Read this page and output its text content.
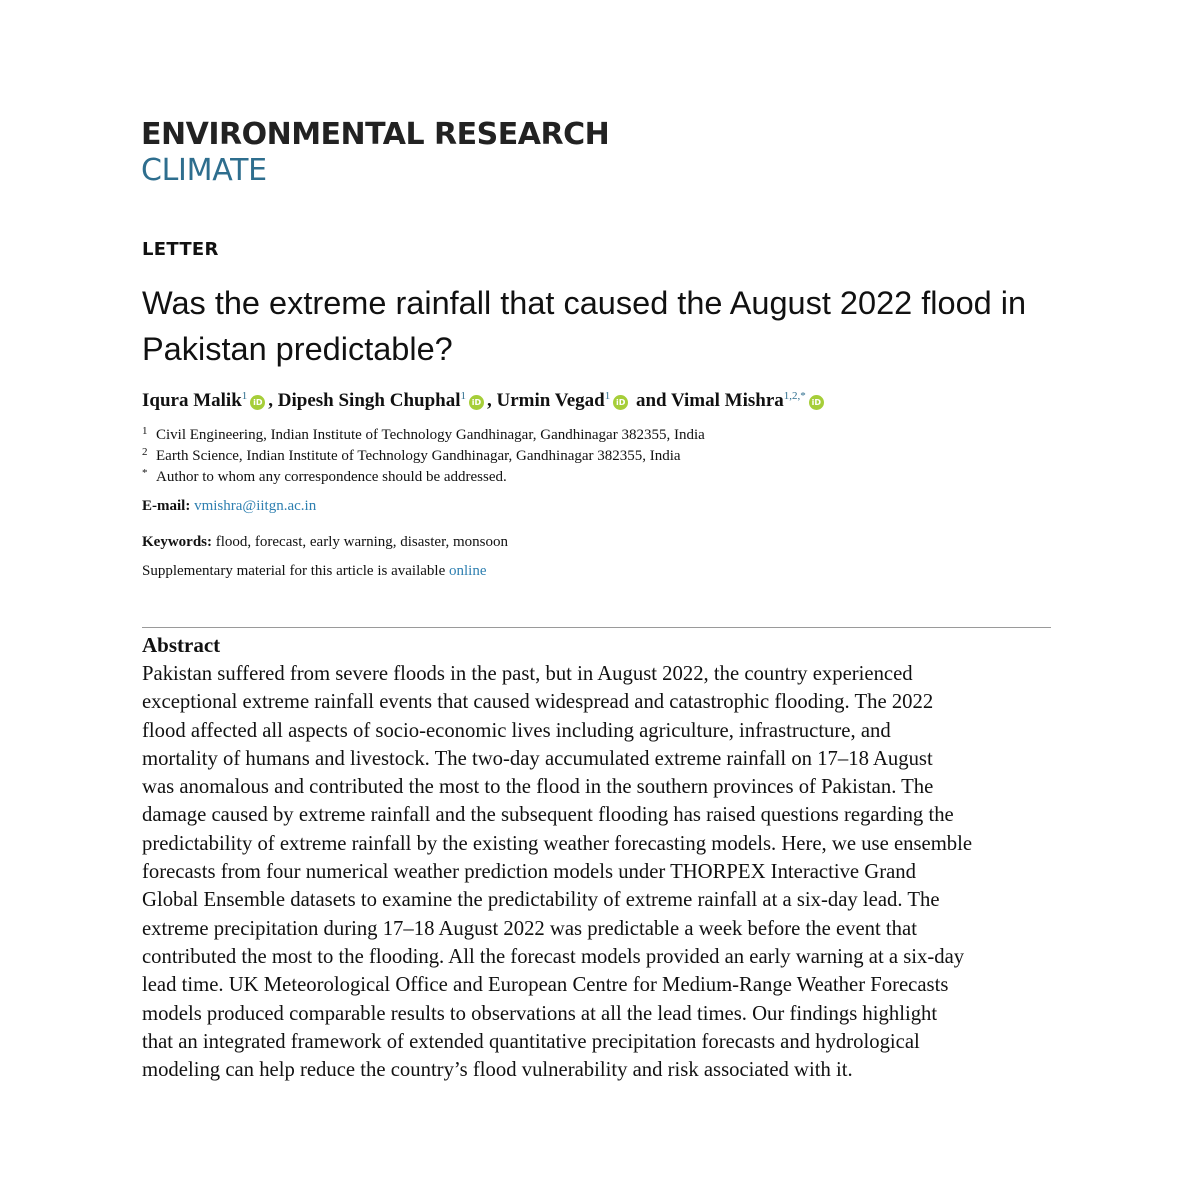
ENVIRONMENTAL RESEARCH
CLIMATE
LETTER
Was the extreme rainfall that caused the August 2022 flood in
Pakistan predictable?
Iqura Malik$^1$iD , Dipesh Singh Chuphal$^1$iD , Urmin Vegad$^1$iD and Vimal Mishra$^{1,2,*}$iD
1 Civil Engineering, Indian Institute of Technology Gandhinagar, Gandhinagar 382355, India
2 Earth Science, Indian Institute of Technology Gandhinagar, Gandhinagar 382355, India
* Author to whom any correspondence should be addressed.
E-mail: vmishra@iitgn.ac.in
Keywords: flood, forecast, early warning, disaster, monsoon
Supplementary material for this article is available online
Abstract
Pakistan suffered from severe floods in the past, but in August 2022, the country experienced
exceptional extreme rainfall events that caused widespread and catastrophic flooding. The 2022
flood affected all aspects of socio-economic lives including agriculture, infrastructure, and
mortality of humans and livestock. The two-day accumulated extreme rainfall on 17–18 August
was anomalous and contributed the most to the flood in the southern provinces of Pakistan. The
damage caused by extreme rainfall and the subsequent flooding has raised questions regarding the
predictability of extreme rainfall by the existing weather forecasting models. Here, we use ensemble
forecasts from four numerical weather prediction models under THORPEX Interactive Grand
Global Ensemble datasets to examine the predictability of extreme rainfall at a six-day lead. The
extreme precipitation during 17–18 August 2022 was predictable a week before the event that
contributed the most to the flooding. All the forecast models provided an early warning at a six-day
lead time. UK Meteorological Office and European Centre for Medium-Range Weather Forecasts
models produced comparable results to observations at all the lead times. Our findings highlight
that an integrated framework of extended quantitative precipitation forecasts and hydrological
modeling can help reduce the country’s flood vulnerability and risk associated with it.
